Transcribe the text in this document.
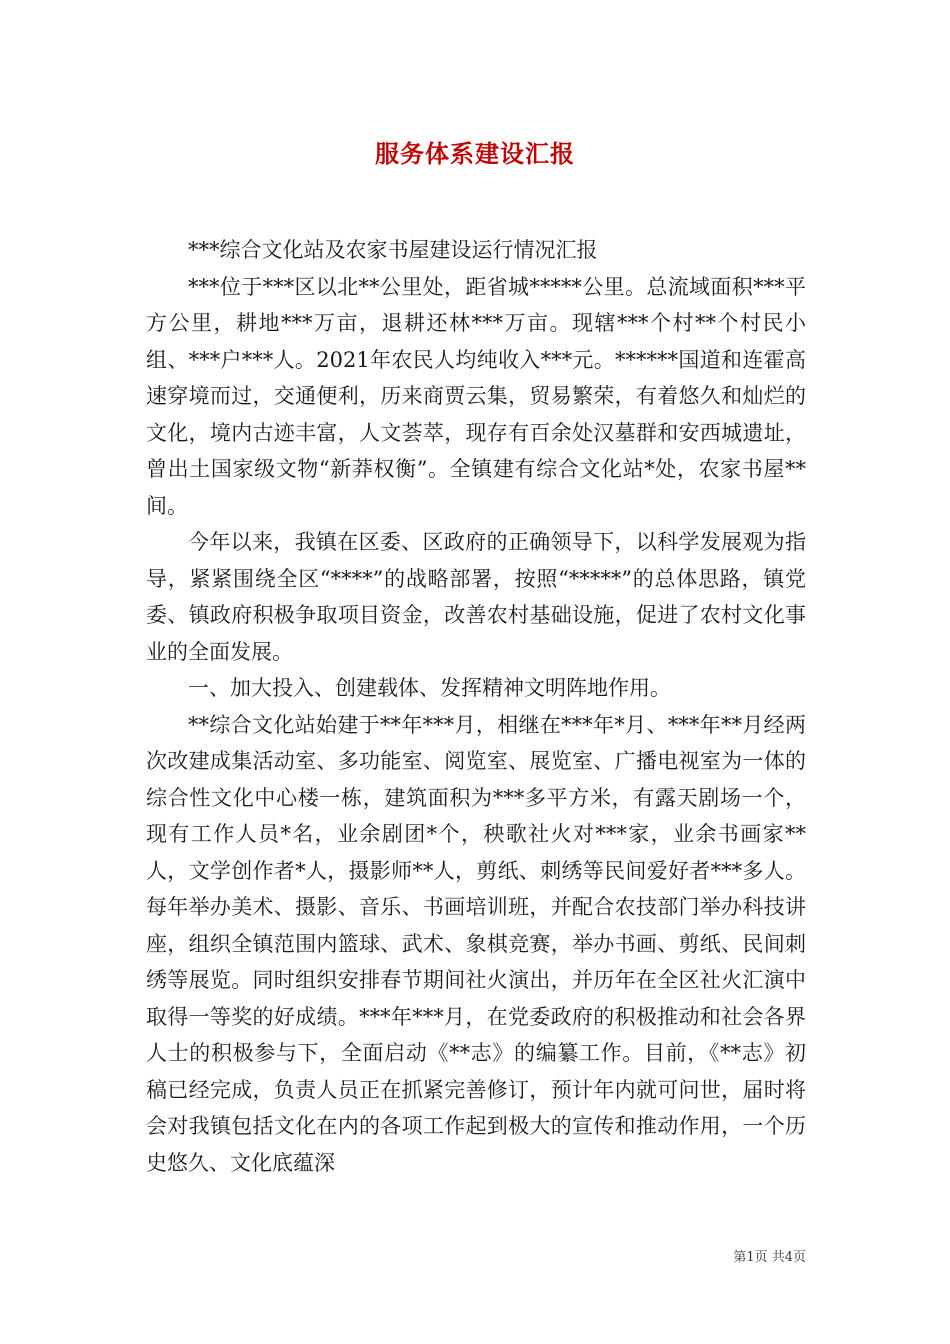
服务体系建设汇报

***综合文化站及农家书屋建设运行情况汇报

***位于***区以北**公里处，距省城*****公里。总流域面积***平方公里，耕地***万亩，退耕还林***万亩。现辖***个村**个村民小组、***户***人。2021年农民人均纯收入***元。******国道和连霍高速穿境而过，交通便利，历来商贾云集，贸易繁荣，有着悠久和灿烂的文化，境内古迹丰富，人文荟萃，现存有百余处汉墓群和安西城遗址，曾出土国家级文物“新莽权衡”。全镇建有综合文化站*处，农家书屋**间。

今年以来，我镇在区委、区政府的正确领导下，以科学发展观为指导，紧紧围绕全区“****”的战略部署，按照“*****”的总体思路，镇党委、镇政府积极争取项目资金，改善农村基础设施，促进了农村文化事业的全面发展。

一、加大投入、创建载体、发挥精神文明阵地作用。

**综合文化站始建于**年***月，相继在***年*月、***年**月经两次改建成集活动室、多功能室、阅览室、展览室、广播电视室为一体的综合性文化中心楼一栋，建筑面积为***多平方米，有露天剧场一个，现有工作人员*名，业余剧团*个，秧歌社火对***家，业余书画家**人，文学创作者*人，摄影师**人，剪纸、刺绣等民间爱好者***多人。每年举办美术、摄影、音乐、书画培训班，并配合农技部门举办科技讲座，组织全镇范围内篮球、武术、象棋竞赛，举办书画、剪纸、民间刺绣等展览。同时组织安排春节期间社火演出，并历年在全区社火汇演中取得一等奖的好成绩。***年***月，在党委政府的积极推动和社会各界人士的积极参与下，全面启动《**志》的编纂工作。目前，《**志》初稿已经完成，负责人员正在抓紧完善修订，预计年内就可问世，届时将会对我镇包括文化在内的各项工作起到极大的宣传和推动作用，一个历史悠久、文化底蕴深

第1页 共4页
